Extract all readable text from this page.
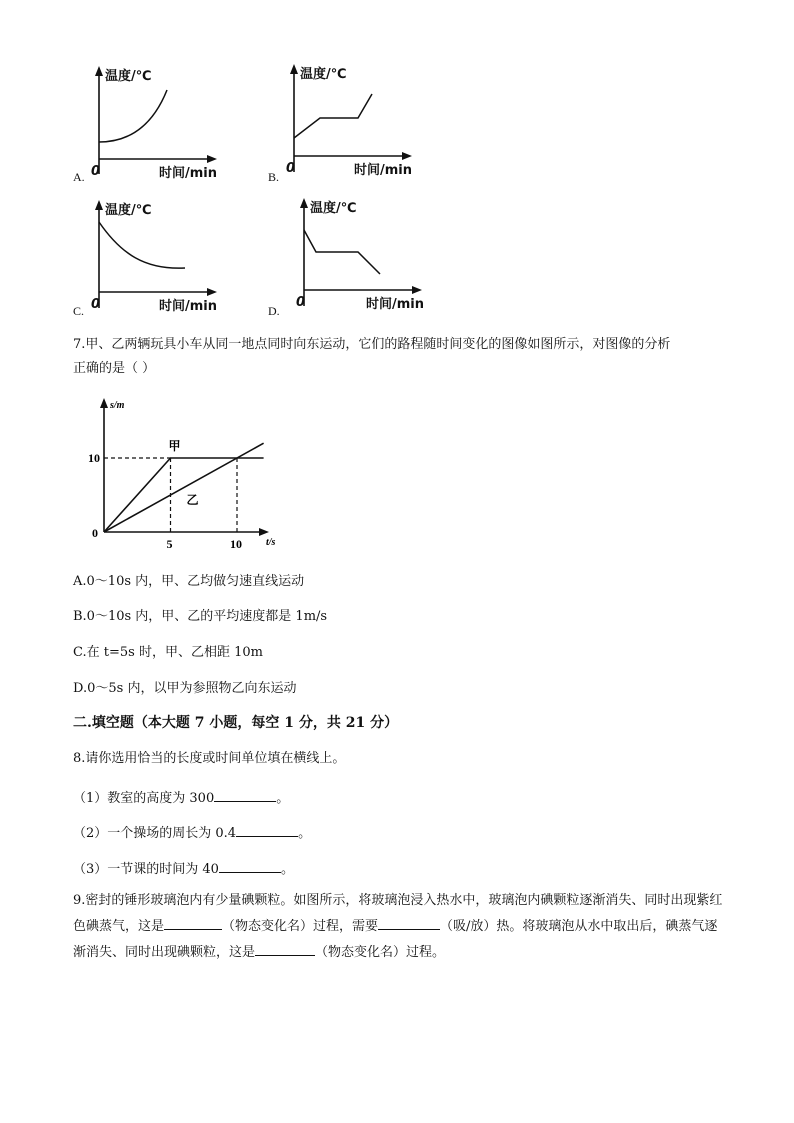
温度/℃
0	时间/min
A.
温度/℃
0	时间/min
B.
温度/℃
0	时间/min
C.
温度/℃
0	时间/min
D.
7.甲、乙两辆玩具小车从同一地点同时向东运动，它们的路程随时间变化的图像如图所示，对图像的分析
正确的是（ ）
甲
乙
0
5	10
10
s/m
t/s
A.0～10s 内，甲、乙均做匀速直线运动
B.0～10s 内，甲、乙的平均速度都是 1m/s
C.在 t=5s 时，甲、乙相距 10m
D.0～5s 内，以甲为参照物乙向东运动
二.填空题（本大题 7 小题，每空 1 分，共 21 分）
8.请你选用恰当的长度或时间单位填在横线上。
（1）教室的高度为 300	。
（2）一个操场的周长为 0.4	。
（3）一节课的时间为 40	。
9.密封的锤形玻璃泡内有少量碘颗粒。如图所示，将玻璃泡浸入热水中，玻璃泡内碘颗粒逐渐消失、同时出现紫红色碘蒸气，这是	（物态变化名）过程，需要	（吸/放）热。将玻璃泡从水中取出后，碘蒸气逐渐消失、同时出现碘颗粒，这是	（物态变化名）过程。
